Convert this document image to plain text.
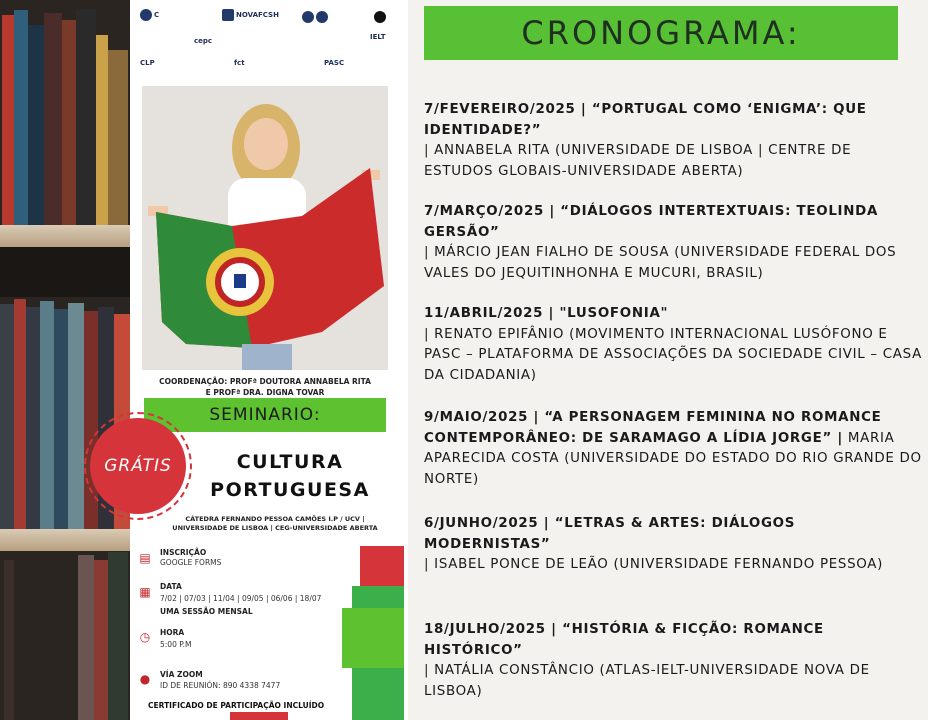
C	NOVAFCSH
CLP
cepc
fct	PASC
IELT
COORDENAÇÃO: PROFª DOUTORA ANNABELA RITA
E PROFª DRA. DIGNA TOVAR
SEMINARIO:
GRÁTIS	CULTURA
PORTUGUESA
CÁTEDRA FERNANDO PESSOA CAMÕES I.P / UCV |
UNIVERSIDADE DE LISBOA | CEG-UNIVERSIDADE ABERTA
▤ INSCRIÇÃO
GOOGLE FORMS
▦ DATA
7/02 | 07/03 | 11/04 | 09/05 | 06/06 | 18/07
UMA SESSÃO MENSAL
◷ HORA
5:00 P.M
● VÍA ZOOM
ID DE REUNIÓN: 890 4338 7477
CERTIFICADO DE PARTICIPAÇÃO INCLUÍDO
CRONOGRAMA:
7/FEVEREIRO/2025 | “PORTUGAL COMO ‘ENIGMA’: QUE IDENTIDADE?”
| ANNABELA RITA (UNIVERSIDADE DE LISBOA | CENTRE DE ESTUDOS GLOBAIS-UNIVERSIDADE ABERTA)
7/MARÇO/2025 | “DIÁLOGOS INTERTEXTUAIS: TEOLINDA GERSÃO”
| MÁRCIO JEAN FIALHO DE SOUSA (UNIVERSIDADE FEDERAL DOS VALES DO JEQUITINHONHA E MUCURI, BRASIL)
11/ABRIL/2025 | "LUSOFONIA"
| RENATO EPIFÂNIO (MOVIMENTO INTERNACIONAL LUSÓFONO E PASC – PLATAFORMA DE ASSOCIAÇÕES DA SOCIEDADE CIVIL – CASA DA CIDADANIA)
9/MAIO/2025 | “A PERSONAGEM FEMININA NO ROMANCE CONTEMPORÂNEO: DE SARAMAGO A LÍDIA JORGE” | MARIA APARECIDA COSTA (UNIVERSIDADE DO ESTADO DO RIO GRANDE DO NORTE)
6/JUNHO/2025 | “LETRAS & ARTES: DIÁLOGOS MODERNISTAS”
| ISABEL PONCE DE LEÃO (UNIVERSIDADE FERNANDO PESSOA)
18/JULHO/2025 | “HISTÓRIA & FICÇÃO: ROMANCE HISTÓRICO”
| NATÁLIA CONSTÂNCIO (ATLAS-IELT-UNIVERSIDADE NOVA DE LISBOA)
